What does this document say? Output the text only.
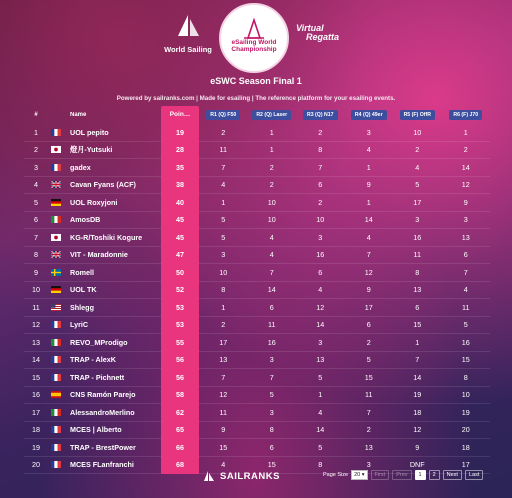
World Sailing
eSailing World
Championship
Virtual
Regatta
eSWC Season Final 1
Powered by sailranks.com | Made for esailing | The reference platform for your esailing events.
#	Name	Poin…	R1 (Q) F50	R2 (Q) Laser	R3 (Q) N17	R4 (Q) 49er	R5 (F) OffR	R6 (F) J70
1	UOL pepito	19	2	1	2	3	10	1
2	燈月-Yutsuki	28	11	1	8	4	2	2
3	gadex	35	7	2	7	1	4	14
4	Cavan Fyans (ACF)	38	4	2	6	9	5	12
5	UOL Roxyjoni	40	1	10	2	1	17	9
6	AmosDB	45	5	10	10	14	3	3
7	KG-R/Toshiki Kogure	45	5	4	3	4	16	13
8	VIT - Maradonnie	47	3	4	16	7	11	6
9	Romell	50	10	7	6	12	8	7
10	UOL TK	52	8	14	4	9	13	4
11	Shlegg	53	1	6	12	17	6	11
12	LyriC	53	2	11	14	6	15	5
13	REVO_MProdigo	55	17	16	3	2	1	16
14	TRAP - AlexK	56	13	3	13	5	7	15
15	TRAP - Pichnett	56	7	7	5	15	14	8
16	CNS Ramón Parejo	58	12	5	1	11	19	10
17	AlessandroMerlino	62	11	3	4	7	18	19
18	MCES | Alberto	65	9	8	14	2	12	20
19	TRAP - BrestPower	66	15	6	5	13	9	18
20	MCES FLanfranchi	68	4	15	8	3	DNF	17
SAILRANKS	Page Size	20 ▾	First	Prev	1	2	Next	Last
